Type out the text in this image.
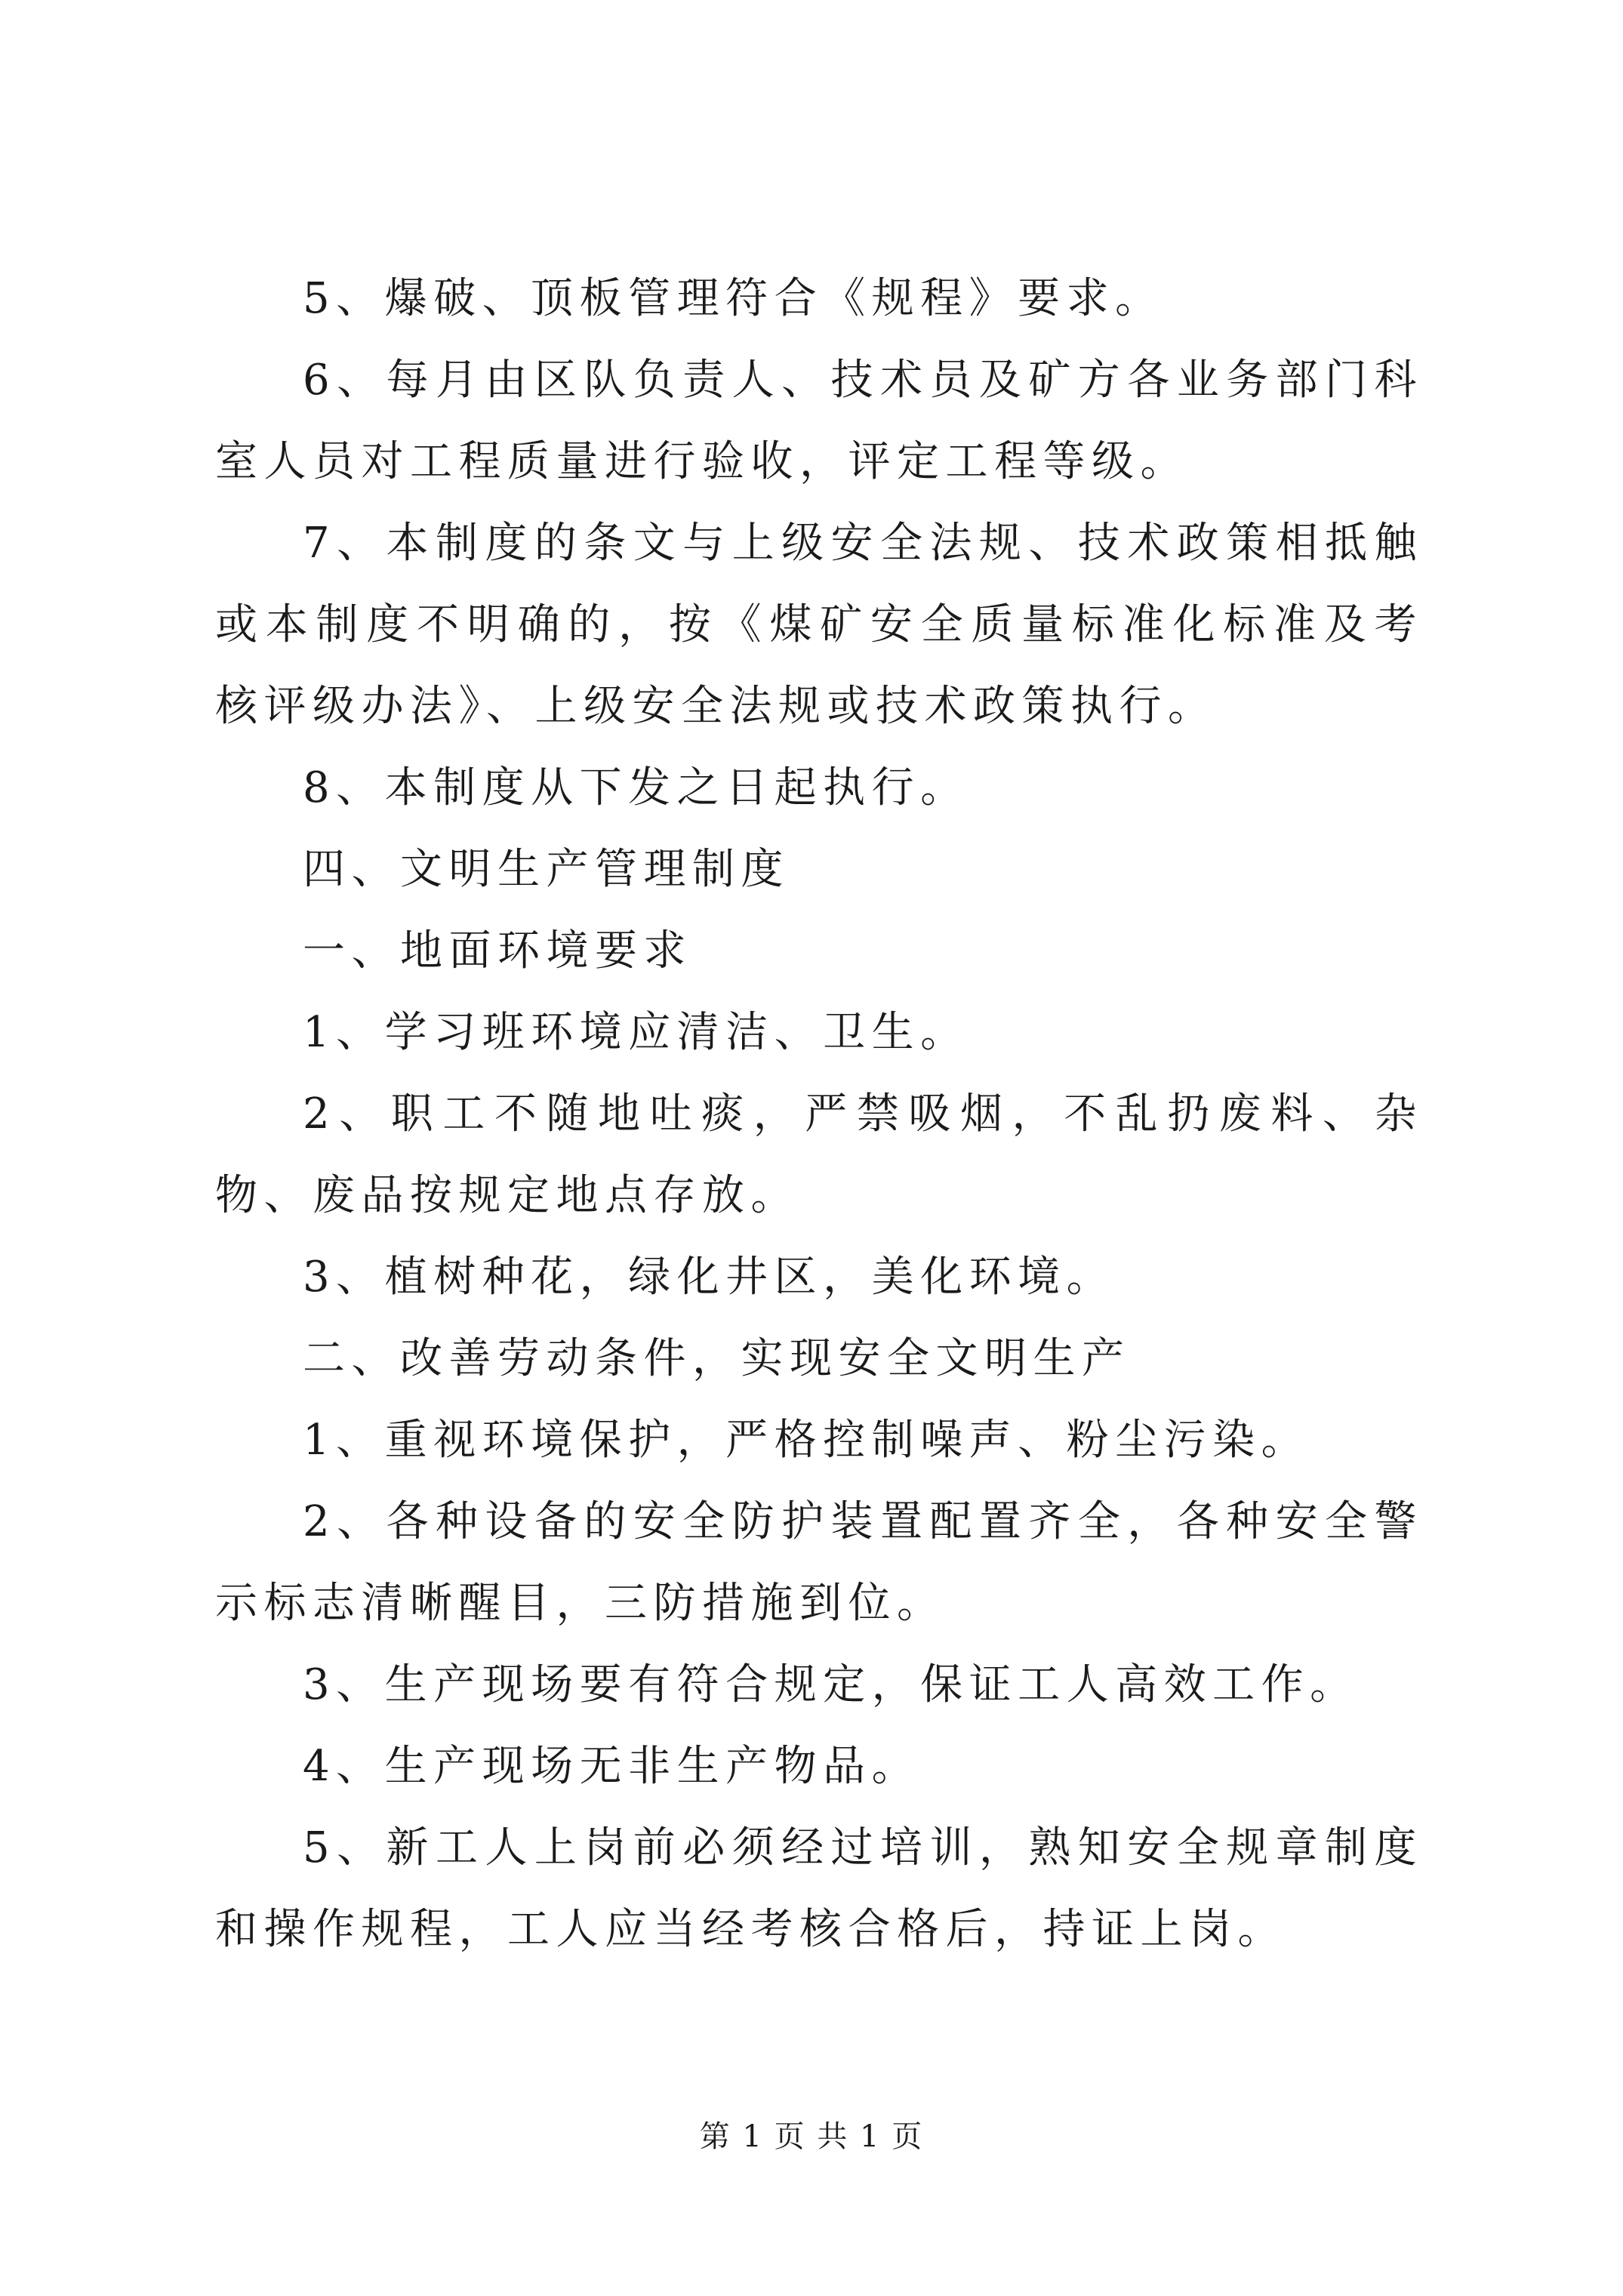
5、爆破、顶板管理符合《规程》要求。

6、每月由区队负责人、技术员及矿方各业务部门科室人员对工程质量进行验收，评定工程等级。

7、本制度的条文与上级安全法规、技术政策相抵触或本制度不明确的，按《煤矿安全质量标准化标准及考核评级办法》、上级安全法规或技术政策执行。

8、本制度从下发之日起执行。

四、文明生产管理制度

一、地面环境要求

1、学习班环境应清洁、卫生。

2、职工不随地吐痰，严禁吸烟，不乱扔废料、杂物、废品按规定地点存放。

3、植树种花，绿化井区，美化环境。

二、改善劳动条件，实现安全文明生产

1、重视环境保护，严格控制噪声、粉尘污染。

2、各种设备的安全防护装置配置齐全，各种安全警示标志清晰醒目，三防措施到位。

3、生产现场要有符合规定，保证工人高效工作。

4、生产现场无非生产物品。

5、新工人上岗前必须经过培训，熟知安全规章制度和操作规程，工人应当经考核合格后，持证上岗。

第 1 页 共 1 页
